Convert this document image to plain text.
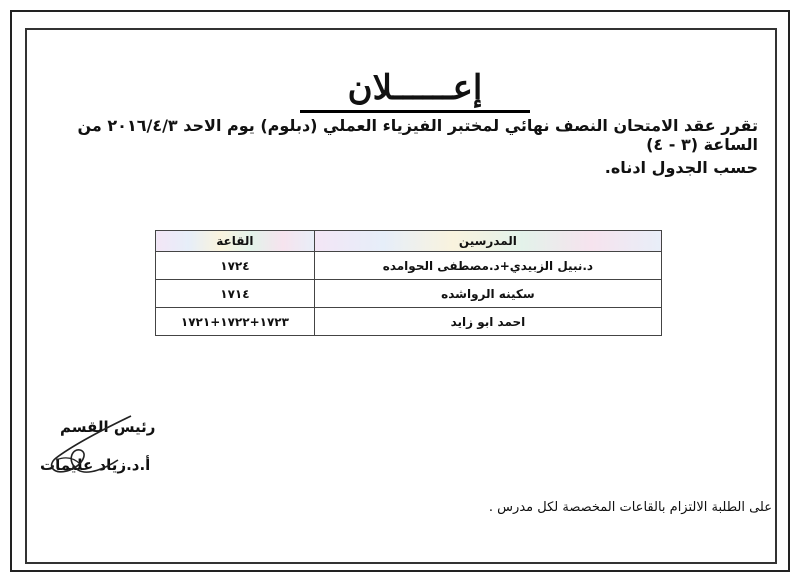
إعــــــلان
تقرر عقد الامتحان النصف نهائي لمختبر الفيزياء العملي (دبلوم) يوم الاحد ٢٠١٦/٤/٣ من الساعة (٣ - ٤)
حسب الجدول ادناه.
المدرسين	القاعة
د.نبيل الزبيدي+د.مصطفى الحوامده	١٧٢٤
سكينه الرواشده	١٧١٤
احمد ابو زايد	١٧٢٣+١٧٢٢+١٧٢١
رئيس القسم
أ.د.زياد عليمات
على الطلبة الالتزام بالقاعات المخصصة لكل مدرس .
